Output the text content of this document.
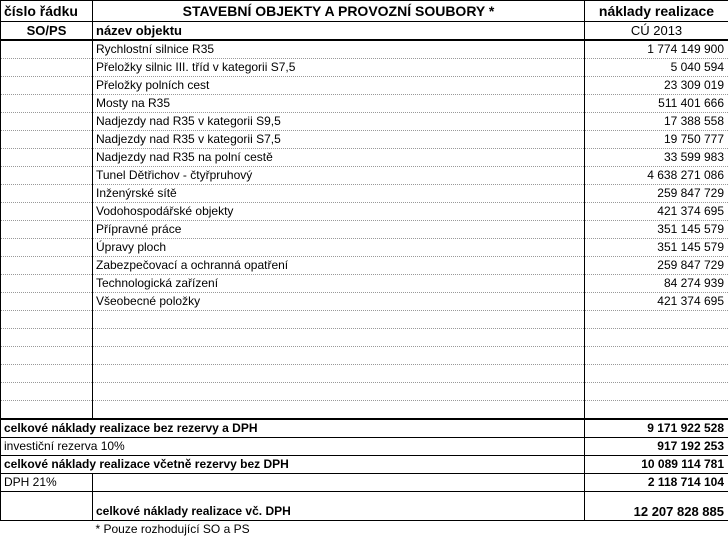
číslo řádku	STAVEBNÍ OBJEKTY A PROVOZNÍ SOUBORY *	náklady realizace
SO/PS	název objektu	CÚ 2013
	Rychlostní silnice R35	1 774 149 900
	Přeložky silnic III. tříd v kategorii S7,5	5 040 594
	Přeložky polních cest	23 309 019
	Mosty na R35	511 401 666
	Nadjezdy nad R35 v kategorii S9,5	17 388 558
	Nadjezdy nad R35 v kategorii S7,5	19 750 777
	Nadjezdy nad R35 na polní cestě	33 599 983
	Tunel Dětřichov - čtyřpruhový	4 638 271 086
	Inženýrské sítě	259 847 729
	Vodohospodářské objekty	421 374 695
	Přípravné práce	351 145 579
	Úpravy ploch	351 145 579
	Zabezpečovací a ochranná opatření	259 847 729
	Technologická zařízení	84 274 939
	Všeobecné položky	421 374 695

celkové náklady realizace bez rezervy a DPH		9 171 922 528
investiční rezerva 10%		917 192 253
celkové náklady realizace včetně rezervy bez DPH		10 089 114 781
DPH 21%		2 118 714 104
	celkové náklady realizace vč. DPH	12 207 828 885
	* Pouze rozhodující SO a PS	
